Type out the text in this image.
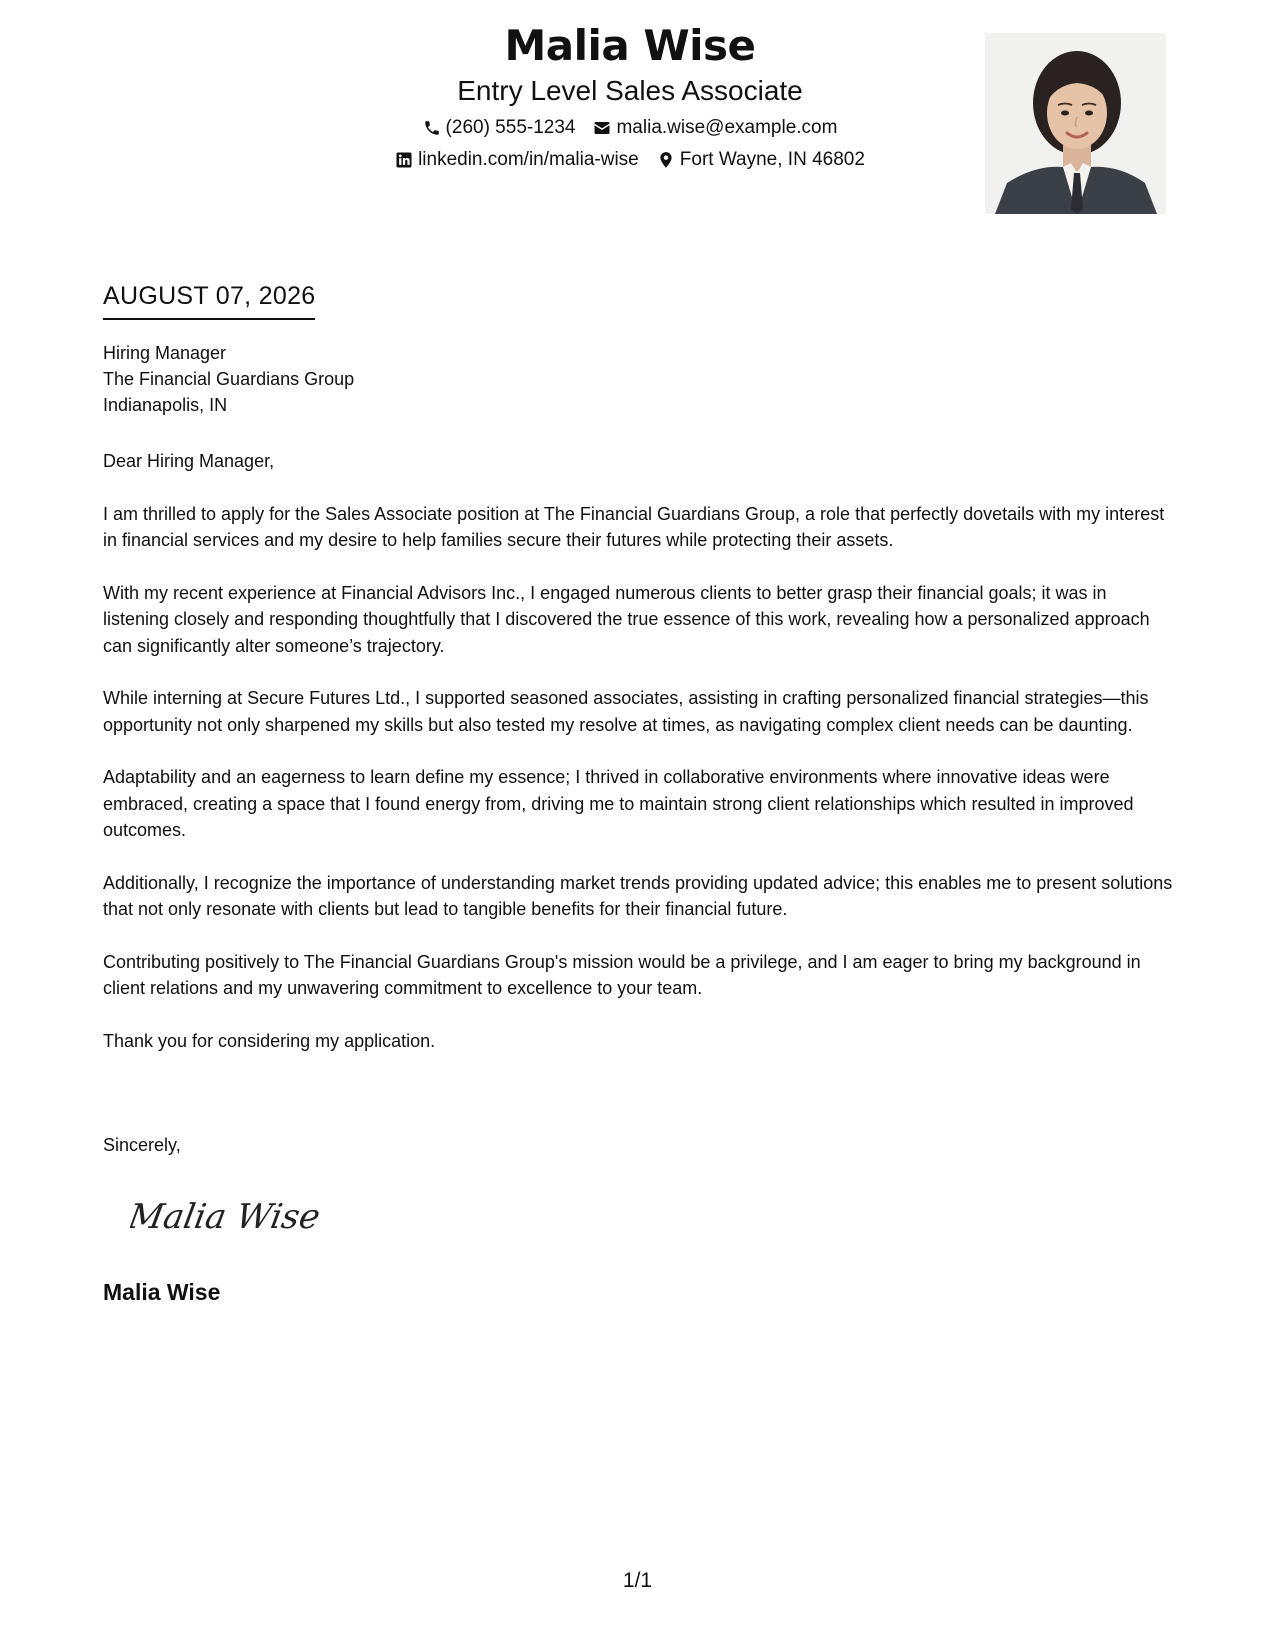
Malia Wise
Entry Level Sales Associate
(260) 555-1234 malia.wise@example.com
linkedin.com/in/malia-wise Fort Wayne, IN 46802
AUGUST 07, 2026
Hiring Manager
The Financial Guardians Group
Indianapolis, IN

Dear Hiring Manager,

I am thrilled to apply for the Sales Associate position at The Financial Guardians Group, a role that perfectly dovetails with my interest in financial services and my desire to help families secure their futures while protecting their assets.

With my recent experience at Financial Advisors Inc., I engaged numerous clients to better grasp their financial goals; it was in listening closely and responding thoughtfully that I discovered the true essence of this work, revealing how a personalized approach can significantly alter someone’s trajectory.

While interning at Secure Futures Ltd., I supported seasoned associates, assisting in crafting personalized financial strategies—this opportunity not only sharpened my skills but also tested my resolve at times, as navigating complex client needs can be daunting.

Adaptability and an eagerness to learn define my essence; I thrived in collaborative environments where innovative ideas were embraced, creating a space that I found energy from, driving me to maintain strong client relationships which resulted in improved outcomes.

Additionally, I recognize the importance of understanding market trends providing updated advice; this enables me to present solutions that not only resonate with clients but lead to tangible benefits for their financial future.

Contributing positively to The Financial Guardians Group's mission would be a privilege, and I am eager to bring my background in client relations and my unwavering commitment to excellence to your team.

Thank you for considering my application.

Sincerely,
Malia Wise
Malia Wise
1/1
